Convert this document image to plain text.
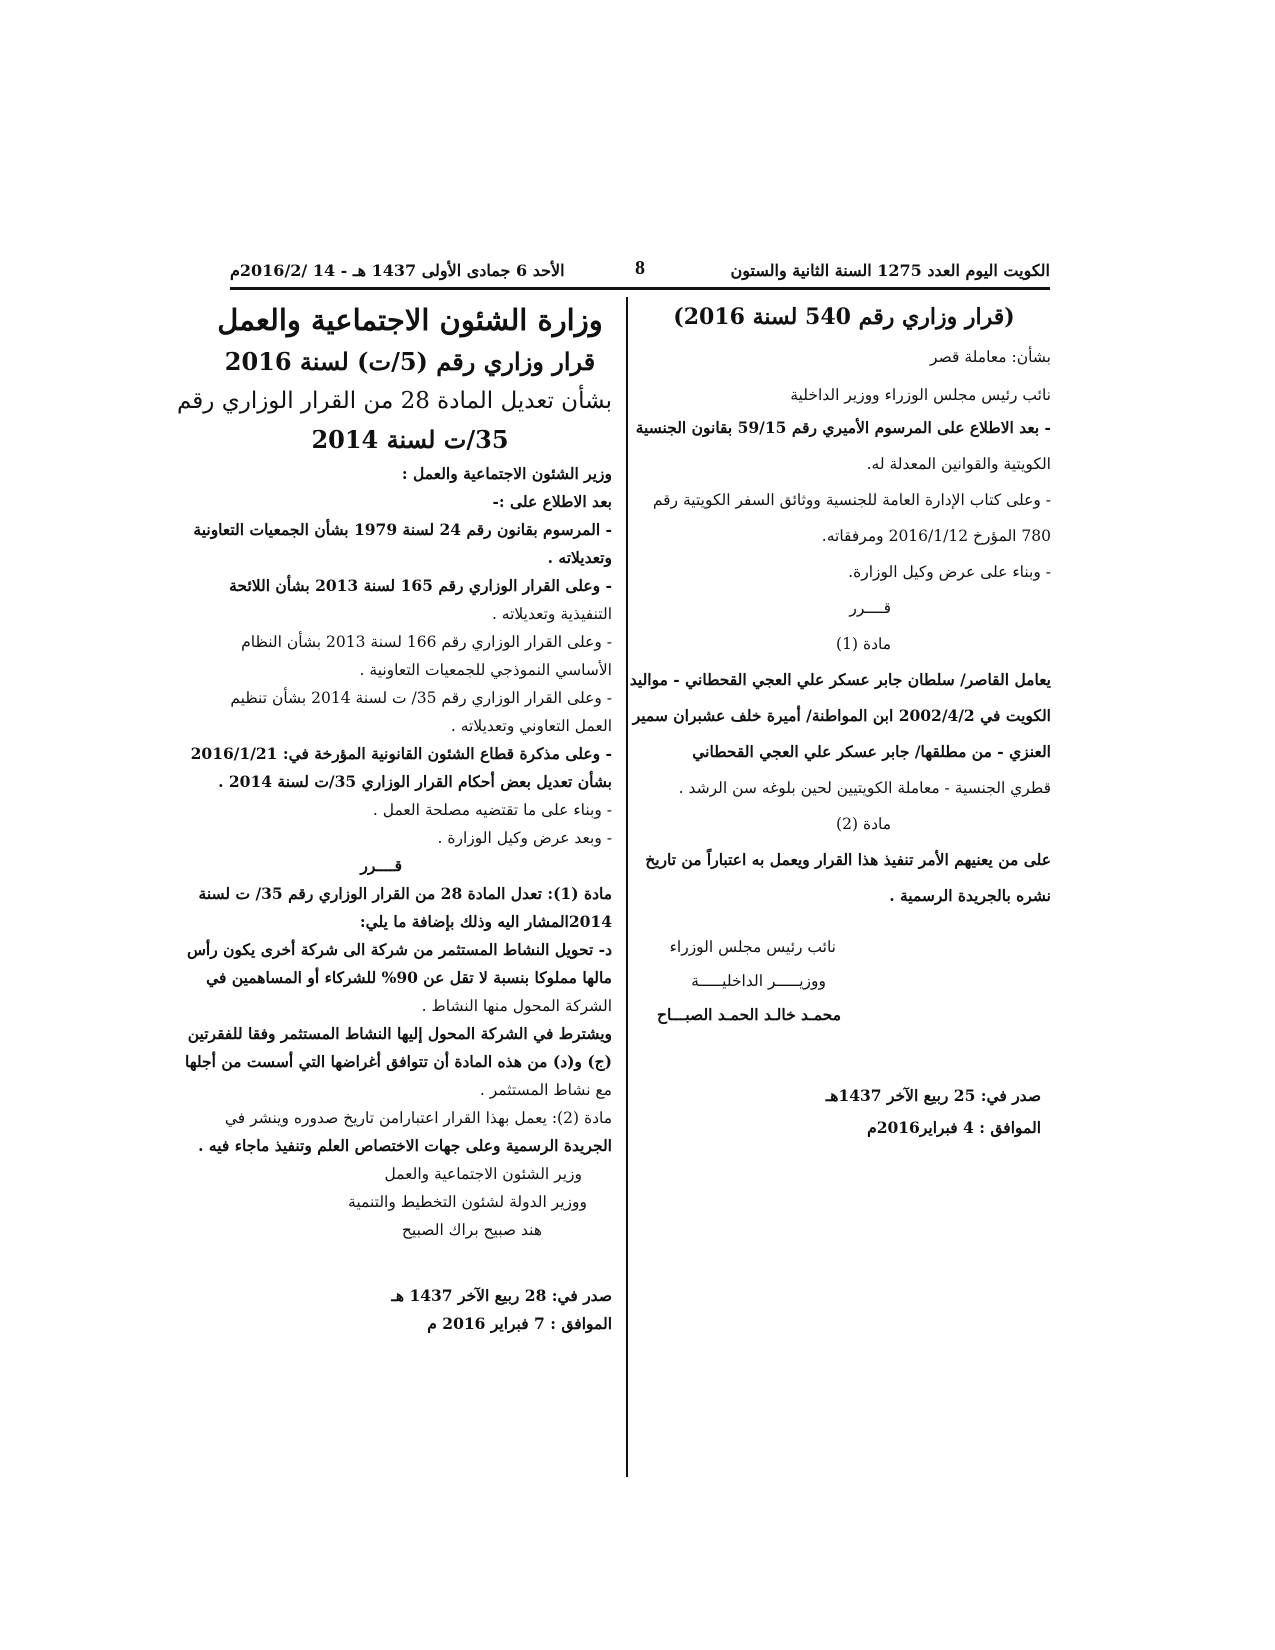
الكويت اليوم العدد 1275 السنة الثانية والستون
8
الأحد 6 جمادى الأولى 1437 هـ - 14 /2016/2م
(قرار وزاري رقم 540 لسنة 2016)
بشأن: معاملة قصر
نائب رئيس مجلس الوزراء ووزير الداخلية
- بعد الاطلاع على المرسوم الأميري رقم 59/15 بقانون الجنسية
الكويتية والقوانين المعدلة له.
- وعلى كتاب الإدارة العامة للجنسية ووثائق السفر الكويتية رقم
780 المؤرخ 2016/1/12 ومرفقاته.
- وبناء على عرض وكيل الوزارة.
قــــرر
مادة (1)
يعامل القاصر/ سلطان جابر عسكر علي العجي القحطاني - مواليد
الكويت في 2002/4/2 ابن المواطنة/ أميرة خلف عشبران سمير
العنزي - من مطلقها/ جابر عسكر علي العجي القحطاني
قطري الجنسية - معاملة الكويتيين لحين بلوغه سن الرشد .
مادة (2)
على من يعنيهم الأمر تنفيذ هذا القرار ويعمل به اعتباراً من تاريخ
نشره بالجريدة الرسمية .
نائب رئيس مجلس الوزراء
ووزيـــــر الداخليـــــة
محمـد خالـد الحمـد الصبـــاح
صدر في: 25 ربيع الآخر 1437هـ
الموافق : 4 فبراير2016م
وزارة الشئون الاجتماعية والعمل
قرار وزاري رقم (5/ت) لسنة 2016
بشأن تعديل المادة 28 من القرار الوزاري رقم
35/ت لسنة 2014
وزير الشئون الاجتماعية والعمل :
بعد الاطلاع على :-
- المرسوم بقانون رقم 24 لسنة 1979 بشأن الجمعيات التعاونية
وتعديلاته .
- وعلى القرار الوزاري رقم 165 لسنة 2013 بشأن اللائحة
التنفيذية وتعديلاته .
- وعلى القرار الوزاري رقم 166 لسنة 2013 بشأن النظام
الأساسي النموذجي للجمعيات التعاونية .
- وعلى القرار الوزاري رقم 35/ ت لسنة 2014 بشأن تنظيم
العمل التعاوني وتعديلاته .
- وعلى مذكرة قطاع الشئون القانونية المؤرخة في: 2016/1/21
بشأن تعديل بعض أحكام القرار الوزاري 35/ت لسنة 2014 .
- وبناء على ما تقتضيه مصلحة العمل .
- وبعد عرض وكيل الوزارة .
قــــرر
مادة (1): تعدل المادة 28 من القرار الوزاري رقم 35/ ت لسنة
2014المشار اليه وذلك بإضافة ما يلي:
د- تحويل النشاط المستثمر من شركة الى شركة أخرى يكون رأس
مالها مملوكا بنسبة لا تقل عن 90% للشركاء أو المساهمين في
الشركة المحول منها النشاط .
ويشترط في الشركة المحول إليها النشاط المستثمر وفقا للفقرتين
(ج) و(د) من هذه المادة أن تتوافق أغراضها التي أسست من أجلها
مع نشاط المستثمر .
مادة (2): يعمل بهذا القرار اعتبارامن تاريخ صدوره وينشر في
الجريدة الرسمية وعلى جهات الاختصاص العلم وتنفيذ ماجاء فيه .
وزير الشئون الاجتماعية والعمل
ووزير الدولة لشئون التخطيط والتنمية
هند صبيح براك الصبيح
صدر في: 28 ربيع الآخر 1437 هـ
الموافق : 7 فبراير 2016 م
